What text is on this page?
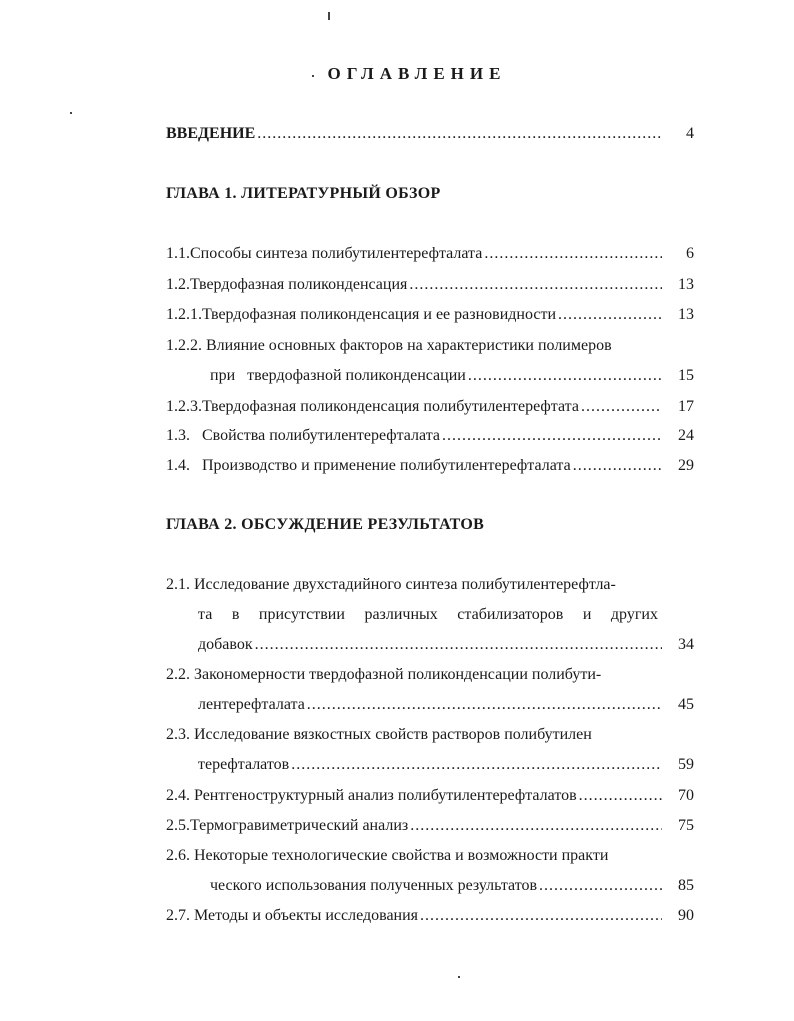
ОГЛАВЛЕНИЕ
ВВЕДЕНИЕ .....	4
ГЛАВА 1. ЛИТЕРАТУРНЫЙ ОБЗОР
1.1.Способы синтеза полибутилентерефталата .....	6
1.2.Твердофазная поликонденсация .....	13
1.2.1.Твердофазная поликонденсация и ее разновидности .....	13
1.2.2. Влияние основных факторов на характеристики полимеров
при   твердофазной поликонденсации .....	15
1.2.3.Твердофазная поликонденсация полибутилентерефтата .....	17
1.3.   Свойства полибутилентерефталата .....	24
1.4.   Производство и применение полибутилентерефталата .....	29
ГЛАВА 2. ОБСУЖДЕНИЕ РЕЗУЛЬТАТОВ
2.1. Исследование двухстадийного синтеза полибутилентерефтла-
та в присутствии различных стабилизаторов и других
добавок .....	34
2.2. Закономерности твердофазной поликонденсации полибути-
лентерефталата .....	45
2.3. Исследование вязкостных свойств растворов полибутилен
терефталатов .....	59
2.4. Рентгеноструктурный анализ полибутилентерефталатов .....	70
2.5.Термогравиметрический анализ .....	75
2.6. Некоторые технологические свойства и возможности практи
ческого использования полученных результатов .....	85
2.7. Методы и объекты исследования .....	90
